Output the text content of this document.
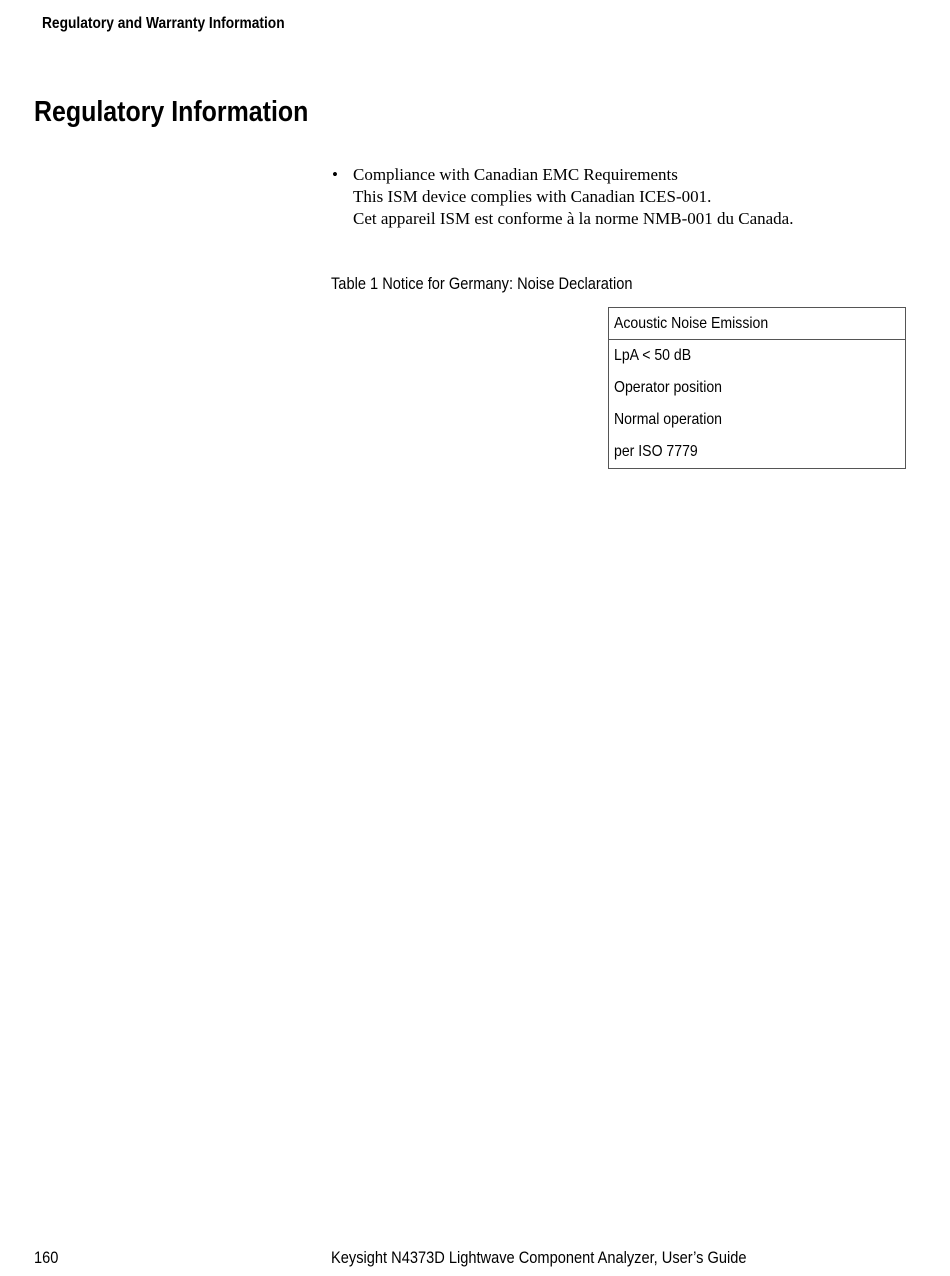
Regulatory and Warranty Information
Regulatory Information
• Compliance with Canadian EMC Requirements
This ISM device complies with Canadian ICES-001.
Cet appareil ISM est conforme à la norme NMB-001 du Canada.
Table 1 Notice for Germany: Noise Declaration
Acoustic Noise Emission
LpA < 50 dB
Operator position
Normal operation
per ISO 7779
160	Keysight N4373D Lightwave Component Analyzer, User’s Guide
